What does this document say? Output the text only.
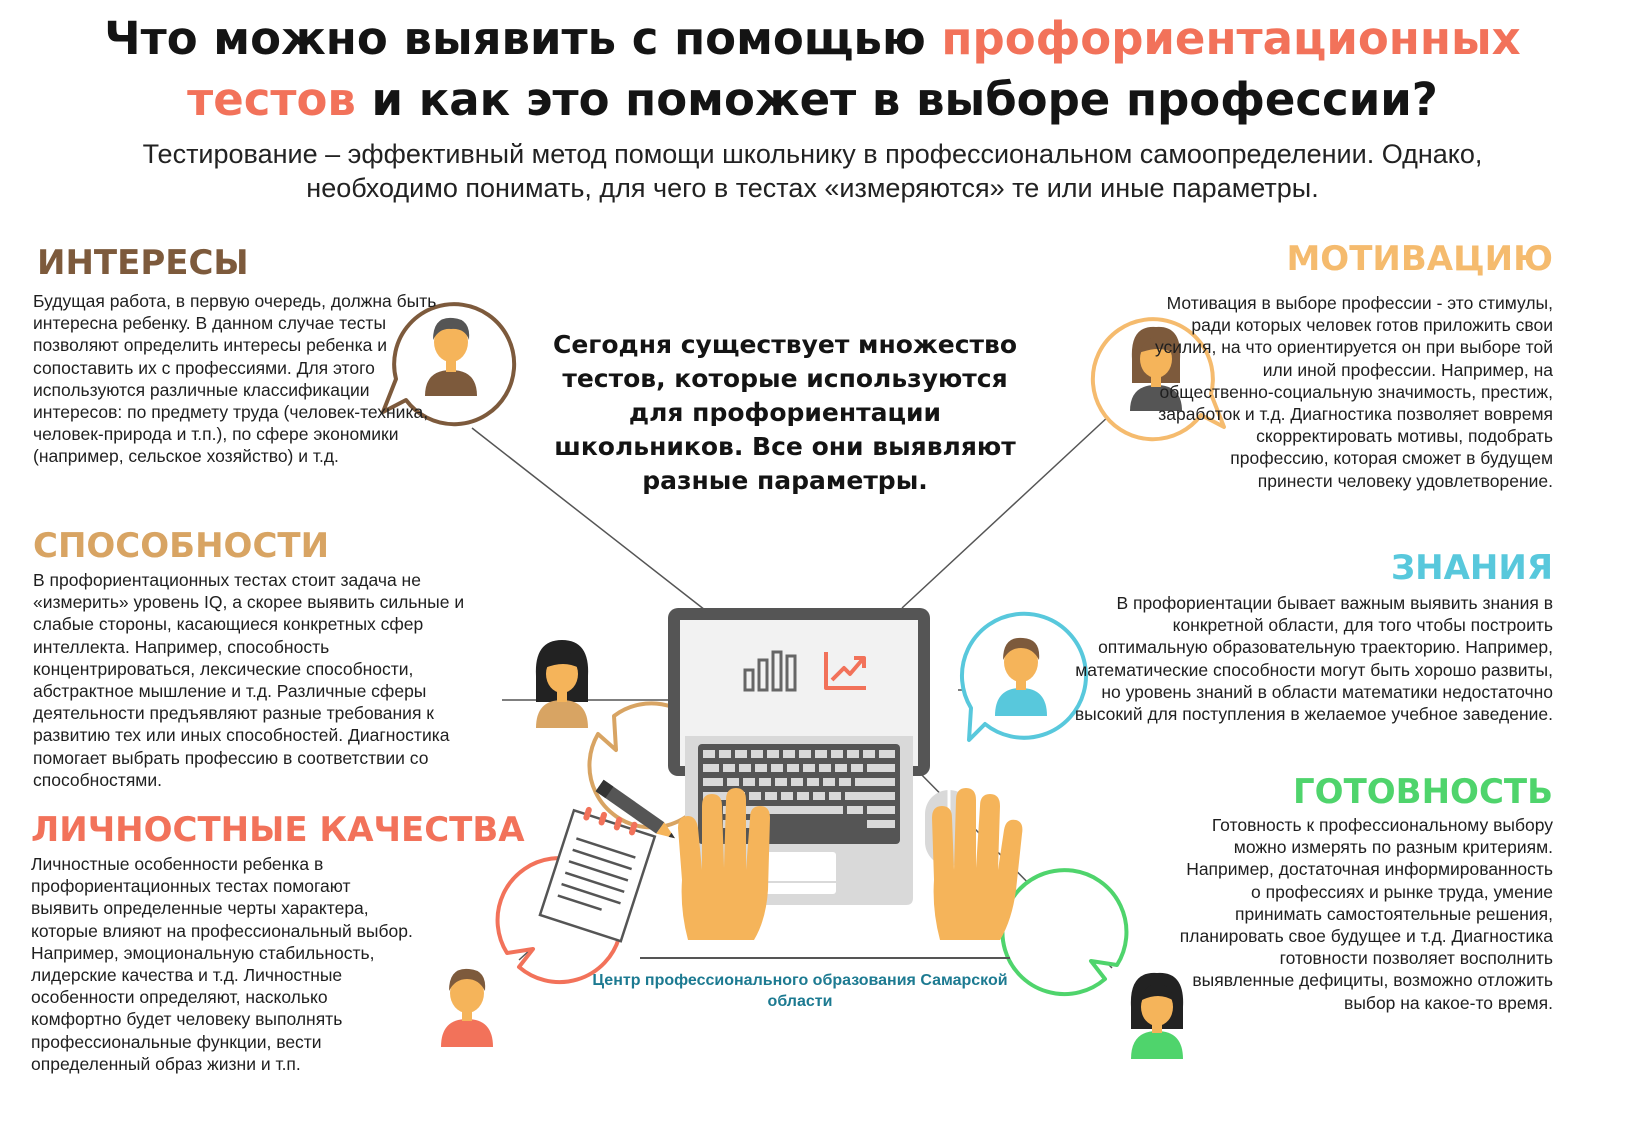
Что можно выявить с помощью профориентационных
тестов и как это поможет в выборе профессии?

Тестирование – эффективный метод помощи школьнику в профессиональном самоопределении. Однако, необходимо понимать, для чего в тестах «измеряются» те или иные параметры.

ИНТЕРЕСЫ

Будущая работа, в первую очередь, должна быть интересна ребенку. В данном случае тесты позволяют определить интересы ребенка и сопоставить их с профессиями. Для этого используются различные классификации интересов: по предмету труда (человек-техника, человек-природа и т.п.), по сфере экономики (например, сельское хозяйство) и т.д.

СПОСОБНОСТИ

В профориентационных тестах стоит задача не «измерить» уровень IQ, а скорее выявить сильные и слабые стороны, касающиеся конкретных сфер интеллекта. Например, способность концентрироваться, лексические способности, абстрактное мышление и т.д. Различные сферы деятельности предъявляют разные требования к развитию тех или иных способностей. Диагностика помогает выбрать профессию в соответствии со способностями.

ЛИЧНОСТНЫЕ КАЧЕСТВА

Личностные особенности ребенка в профориентационных тестах помогают выявить определенные черты характера, которые влияют на профессиональный выбор. Например, эмоциональную стабильность, лидерские качества и т.д. Личностные особенности определяют, насколько комфортно будет человеку выполнять профессиональные функции, вести определенный образ жизни и т.п.

МОТИВАЦИЮ

Мотивация в выборе профессии - это стимулы, ради которых человек готов приложить свои усилия, на что ориентируется он при выборе той или иной профессии. Например, на общественно-социальную значимость, престиж, заработок и т.д. Диагностика позволяет вовремя скорректировать мотивы, подобрать профессию, которая сможет в будущем принести человеку удовлетворение.

ЗНАНИЯ

В профориентации бывает важным выявить знания в конкретной области, для того чтобы построить оптимальную образовательную траекторию. Например, математические способности могут быть хорошо развиты, но уровень знаний в области математики недостаточно высокий для поступления в желаемое учебное заведение.

ГОТОВНОСТЬ

Готовность к профессиональному выбору можно измерять по разным критериям. Например, достаточная информированность о профессиях и рынке труда, умение принимать самостоятельные решения, планировать свое будущее и т.д. Диагностика готовности позволяет восполнить выявленные дефициты, возможно отложить выбор на какое-то время.

Сегодня существует множество тестов, которые используются для профориентации школьников. Все они выявляют разные параметры.

Центр профессионального образования Самарской области
